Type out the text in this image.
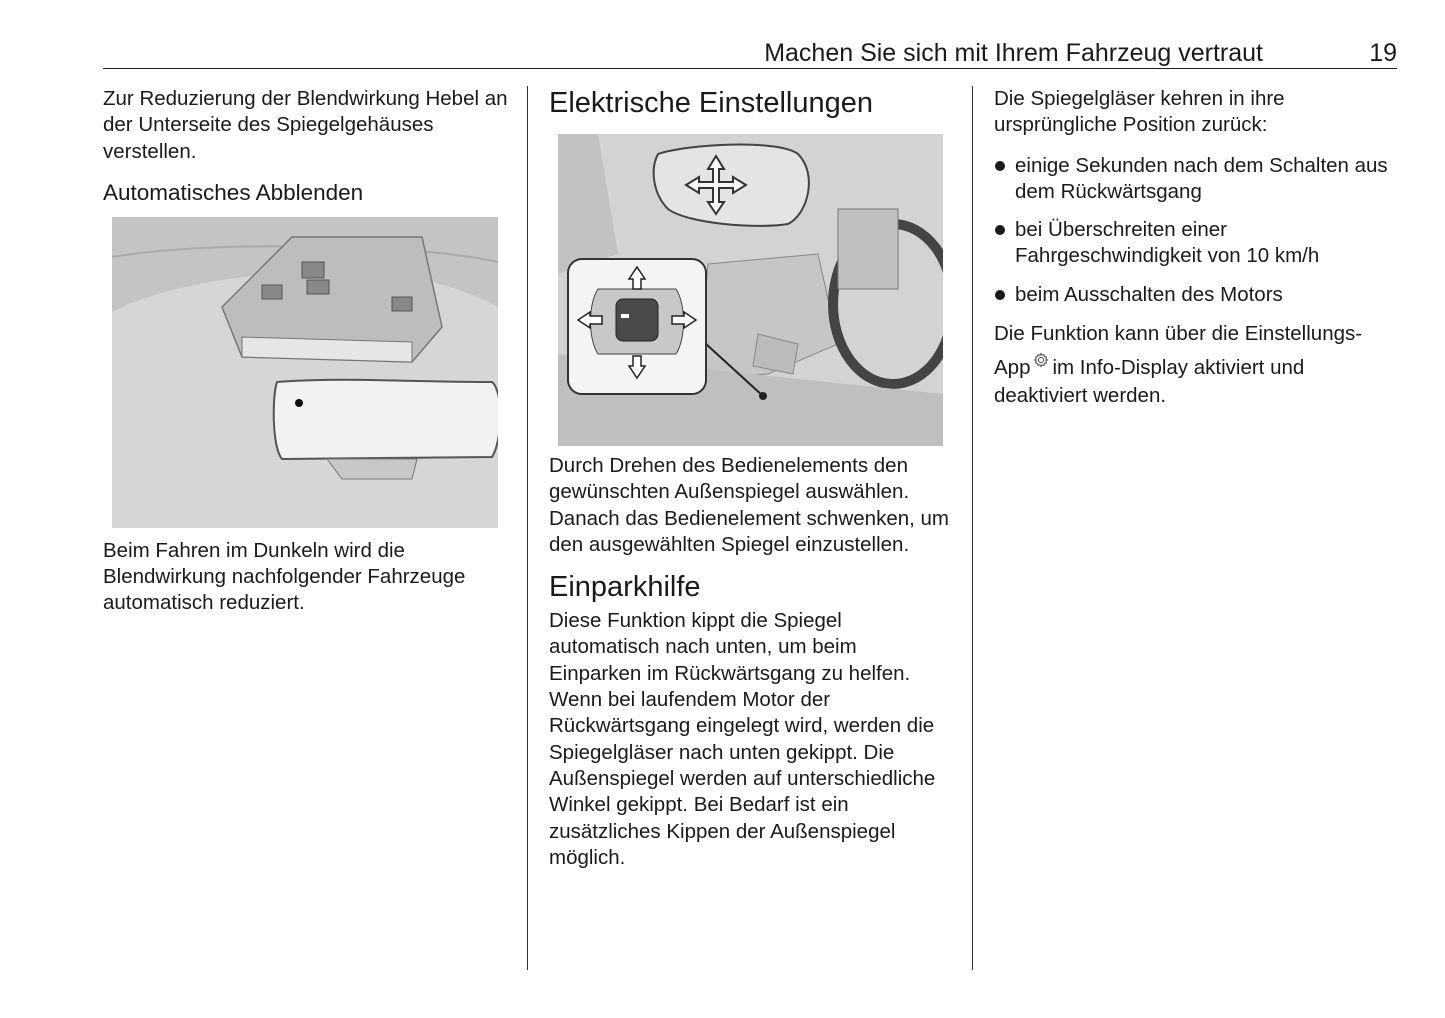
Machen Sie sich mit Ihrem Fahrzeug vertraut	19

Zur Reduzierung der Blendwirkung Hebel an der Unterseite des Spiegelgehäuses verstellen.

Automatisches Abblenden

Beim Fahren im Dunkeln wird die Blendwirkung nachfolgender Fahrzeuge automatisch reduziert.

Elektrische Einstellungen

Durch Drehen des Bedienelements den gewünschten Außenspiegel auswählen. Danach das Bedienelement schwenken, um den ausgewählten Spiegel einzustellen.

Einparkhilfe

Diese Funktion kippt die Spiegel automatisch nach unten, um beim Einparken im Rückwärtsgang zu helfen. Wenn bei laufendem Motor der Rückwärtsgang eingelegt wird, werden die Spiegelgläser nach unten gekippt. Die Außenspiegel werden auf unterschiedliche Winkel gekippt. Bei Bedarf ist ein zusätzliches Kippen der Außenspiegel möglich.

Die Spiegelgläser kehren in ihre ursprüngliche Position zurück:

einige Sekunden nach dem Schalten aus dem Rückwärtsgang
bei Überschreiten einer Fahrgeschwindigkeit von 10 km/h
beim Ausschalten des Motors

Die Funktion kann über die Einstellungs-App im Info-Display aktiviert und deaktiviert werden.
